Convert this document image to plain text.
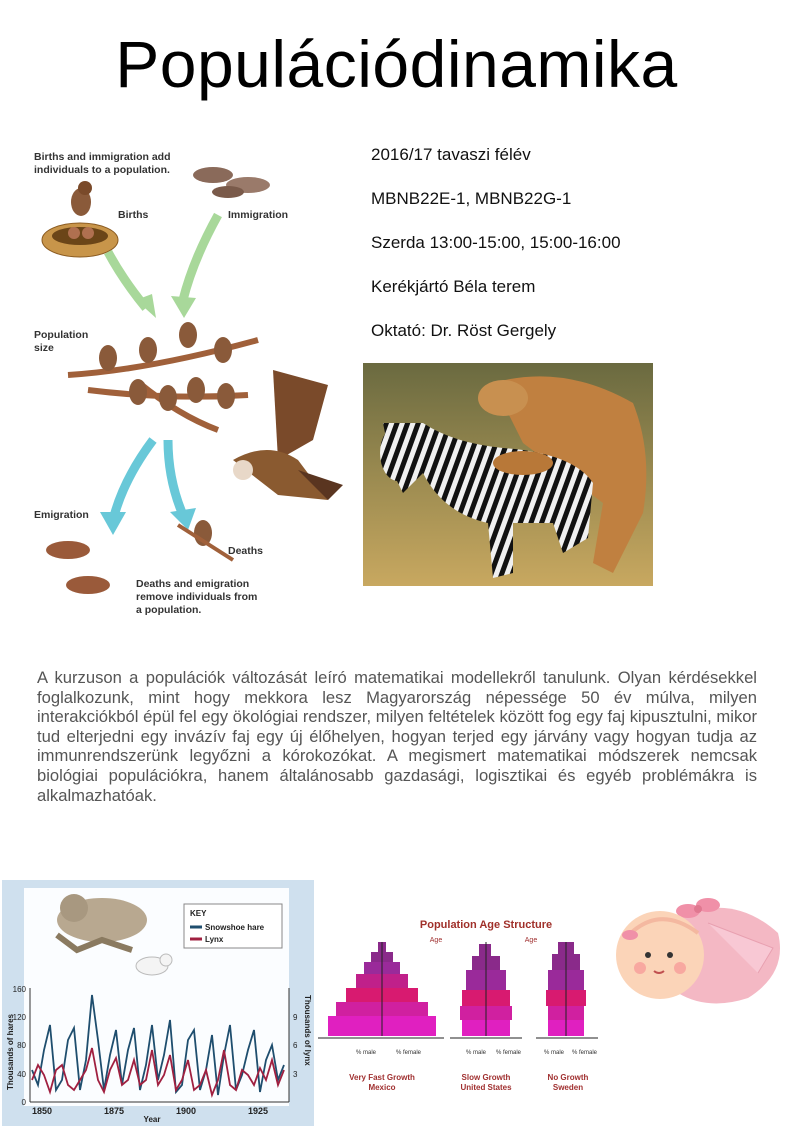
Populációdinamika
Births and immigration add
individuals to a population.
Births	Immigration
Population
size
Emigration
Deaths
Deaths and emigration
remove individuals from
a population.
2016/17 tavaszi félév
MBNB22E-1, MBNB22G-1
Szerda 13:00-15:00, 15:00-16:00
Kerékjártó Béla terem
Oktató: Dr. Röst Gergely
A kurzuson a populációk változását leíró matematikai modellekről tanulunk. Olyan kérdésekkel foglalkozunk, mint hogy mekkora lesz Magyarország népessége 50 év múlva, milyen interakciókból épül fel egy ökológiai rendszer, milyen feltételek között fog egy faj kipusztulni, mikor tud elterjedni egy invázív faj egy új élőhelyen, hogyan terjed egy járvány vagy hogyan tudja az immunrendszerünk legyőzni a kórokozókat. A megismert matematikai módszerek nemcsak biológiai populációkra, hanem általánosabb gazdasági, logisztikai és egyéb problémákra is alkalmazhatóak.
KEY
Snowshoe hare
Lynx
0
40
80
120
160
3
6
9
1850	1875	1900	1925
Year
Thousands of hares	Thousands of lynx
Population Age Structure
Age
% male	% female
Very Fast Growth
Mexico
Age
% male % female
Slow Growth
United States
% male % female
No Growth
Sweden
